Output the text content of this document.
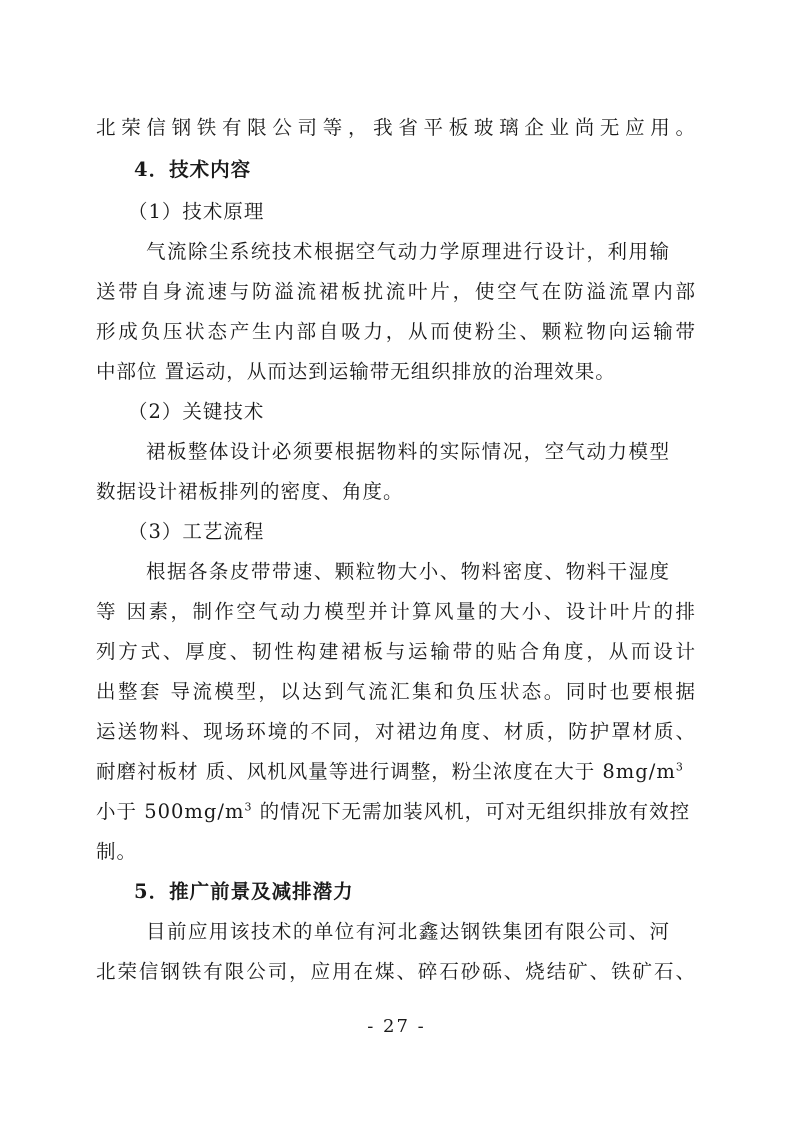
北荣信钢铁有限公司等，我省平板玻璃企业尚无应用。
4．技术内容
（1）技术原理
气流除尘系统技术根据空气动力学原理进行设计，利用输
送带自身流速与防溢流裙板扰流叶片，使空气在防溢流罩内部
形成负压状态产生内部自吸力，从而使粉尘、颗粒物向运输带
中部位 置运动，从而达到运输带无组织排放的治理效果。
（2）关键技术
裙板整体设计必须要根据物料的实际情况，空气动力模型
数据设计裙板排列的密度、角度。
（3）工艺流程
根据各条皮带带速、颗粒物大小、物料密度、物料干湿度
等 因素，制作空气动力模型并计算风量的大小、设计叶片的排
列方式、厚度、韧性构建裙板与运输带的贴合角度，从而设计
出整套 导流模型，以达到气流汇集和负压状态。同时也要根据
运送物料、现场环境的不同，对裙边角度、材质，防护罩材质、
耐磨衬板材 质、风机风量等进行调整，粉尘浓度在大于 $8mg/m^3$
小于 $500mg/m^3$ 的情况下无需加装风机，可对无组织排放有效控
制。
5．推广前景及减排潜力
目前应用该技术的单位有河北鑫达钢铁集团有限公司、河
北荣信钢铁有限公司，应用在煤、碎石砂砾、烧结矿、铁矿石、
- 27 -
